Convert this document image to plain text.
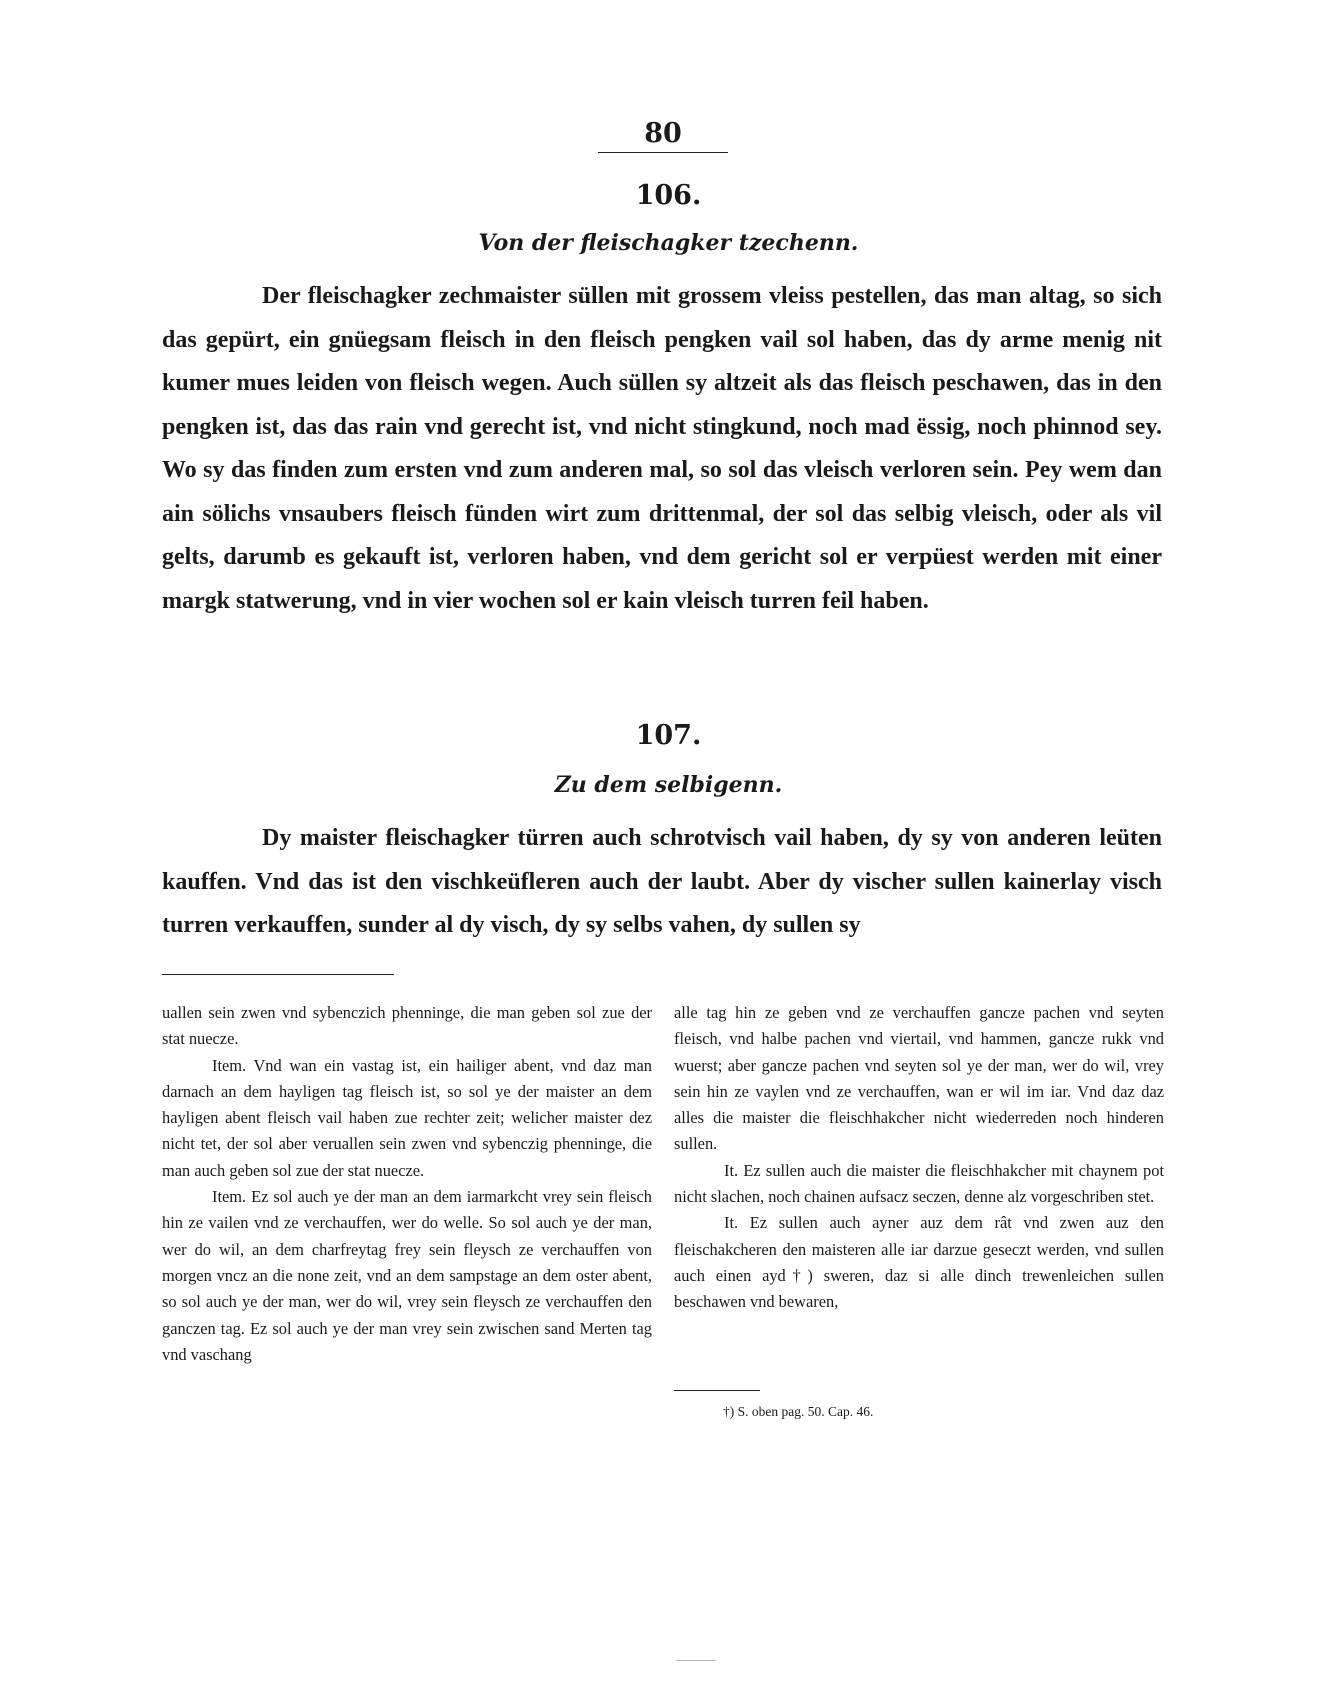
80
106.
Von der fleischagker tzechenn.

Der fleischagker zechmaister süllen mit grossem vleiss pestellen, das man altag, so sich das gepürt, ein gnüegsam fleisch in den fleisch pengken vail sol haben, das dy arme menig nit kumer mues leiden von fleisch wegen. Auch süllen sy altzeit als das fleisch peschawen, das in den pengken ist, das das rain vnd gerecht ist, vnd nicht stingkund, noch mad ëssig, noch phinnod sey. Wo sy das finden zum ersten vnd zum anderen mal, so sol das vleisch verloren sein. Pey wem dan ain sölichs vnsaubers fleisch fünden wirt zum drittenmal, der sol das selbig vleisch, oder als vil gelts, darumb es gekauft ist, verloren haben, vnd dem gericht sol er verpüest werden mit einer margk statwerung, vnd in vier wochen sol er kain vleisch turren feil haben.

107.
Zu dem selbigenn.

Dy maister fleischagker türren auch schrotvisch vail haben, dy sy von anderen leüten kauffen. Vnd das ist den vischkeüfleren auch der laubt. Aber dy vischer sullen kainerlay visch turren verkauffen, sunder al dy visch, dy sy selbs vahen, dy sullen sy

uallen sein zwen vnd sybenczich phenninge, die man geben sol zue der stat nuecze.

Item. Vnd wan ein vastag ist, ein hailiger abent, vnd daz man darnach an dem hayligen tag fleisch ist, so sol ye der maister an dem hayligen abent fleisch vail haben zue rechter zeit; welicher maister dez nicht tet, der sol aber veruallen sein zwen vnd sybenczig phenninge, die man auch geben sol zue der stat nuecze.

Item. Ez sol auch ye der man an dem iarmarkcht vrey sein fleisch hin ze vailen vnd ze verchauffen, wer do welle. So sol auch ye der man, wer do wil, an dem charfreytag frey sein fleysch ze verchauffen von morgen vncz an die none zeit, vnd an dem sampstage an dem oster abent, so sol auch ye der man, wer do wil, vrey sein fleysch ze verchauffen den ganczen tag. Ez sol auch ye der man vrey sein zwischen sand Merten tag vnd vaschang

alle tag hin ze geben vnd ze verchauffen gancze pachen vnd seyten fleisch, vnd halbe pachen vnd viertail, vnd hammen, gancze rukk vnd wuerst; aber gancze pachen vnd seyten sol ye der man, wer do wil, vrey sein hin ze vaylen vnd ze verchauffen, wan er wil im iar. Vnd daz daz alles die maister die fleischhakcher nicht wiederreden noch hinderen sullen.

It. Ez sullen auch die maister die fleischhakcher mit chaynem pot nicht slachen, noch chainen aufsacz seczen, denne alz vorgeschriben stet.

It. Ez sullen auch ayner auz dem rât vnd zwen auz den fleischakcheren den maisteren alle iar darzue geseczt werden, vnd sullen auch einen ayd†) sweren, daz si alle dinch trewenleichen sullen beschawen vnd bewaren,

†) S. oben pag. 50. Cap. 46.
